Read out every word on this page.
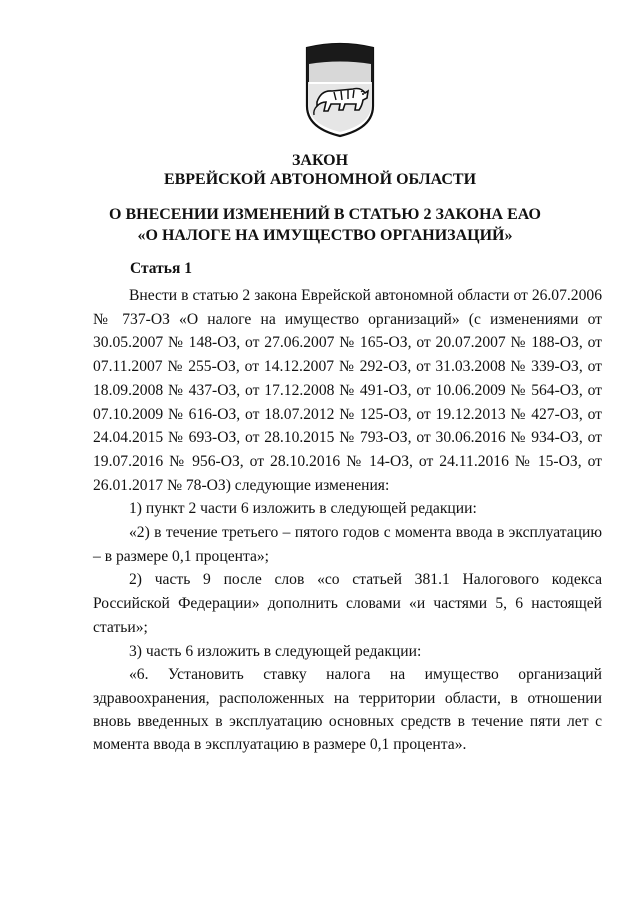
ЗАКОН
ЕВРЕЙСКОЙ АВТОНОМНОЙ ОБЛАСТИ
О ВНЕСЕНИИ ИЗМЕНЕНИЙ В СТАТЬЮ 2 ЗАКОНА ЕАО «О НАЛОГЕ НА ИМУЩЕСТВО ОРГАНИЗАЦИЙ»
Статья 1
Внести в статью 2 закона Еврейской автономной области от 26.07.2006 № 737-ОЗ «О налоге на имущество организаций» (с изменениями от 30.05.2007 № 148-ОЗ, от 27.06.2007 № 165-ОЗ, от 20.07.2007 № 188-ОЗ, от 07.11.2007 № 255-ОЗ, от 14.12.2007 № 292-ОЗ, от 31.03.2008 № 339-ОЗ, от 18.09.2008 № 437-ОЗ, от 17.12.2008 № 491-ОЗ, от 10.06.2009 № 564-ОЗ, от 07.10.2009 № 616-ОЗ, от 18.07.2012 № 125-ОЗ, от 19.12.2013 № 427-ОЗ, от 24.04.2015 № 693-ОЗ, от 28.10.2015 № 793-ОЗ, от 30.06.2016 № 934-ОЗ, от 19.07.2016 № 956-ОЗ, от 28.10.2016 № 14-ОЗ, от 24.11.2016 № 15-ОЗ, от 26.01.2017 № 78-ОЗ) следующие изменения:
1) пункт 2 части 6 изложить в следующей редакции:
«2) в течение третьего – пятого годов с момента ввода в эксплуатацию – в размере 0,1 процента»;
2) часть 9 после слов «со статьей 381.1 Налогового кодекса Российской Федерации» дополнить словами «и частями 5, 6 настоящей статьи»;
3) часть 6 изложить в следующей редакции:
«6. Установить ставку налога на имущество организаций здравоохранения, расположенных на территории области, в отношении вновь введенных в эксплуатацию основных средств в течение пяти лет с момента ввода в эксплуатацию в размере 0,1 процента».
